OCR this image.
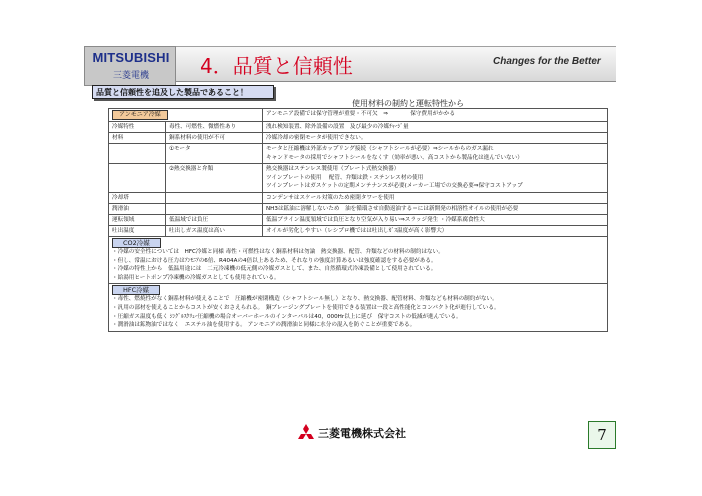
MITSUBISHI
三菱電機	4．品質と信頼性	Changes for the Better
品質と信頼性を追及した製品であること！
使用材料の制約と運転特性から
アンモニア冷媒		アンモニア設備では保守管理が重要・不可欠　⇒　　　　保守費用がかかる
冷媒特性	毒性、可燃性、微燃性あり	洩れ検知装置、除外設備の設置　及び最少の冷媒ﾁｬｰｼﾞ量
材料	銅系材料の使用が不可	冷媒冷却の密閉モータが使用できない。
	①モータ	モータと圧縮機は外部カップリング接続（シャフトシールが必要）⇒シールからのガス漏れ
キャンドモータの採用でシャフトシールをなくす（効率が悪い、高コストから製品化は進んでいない）

	②熱交換器と弁類	熱交換器はステンレス製使用（プレート式熱交換器）
ツインプレートの使用　 配管、弁類は鉄・ステンレス材の使用
ツインプレートはガスケットの定期メンテナンスが必要(メーカー工場での交換必要⇒保守コストアップ

冷却塔		コンデンサはスケール対策のため密閉タワーを使用
潤滑油		NH3は鉱油に溶解しないため　油を循環させ自動返油する＝には新開発の相溶性オイルの使用が必要
運転領域	低温域では負圧	低温ブライン温度領域では負圧となり空気が入り易い⇒スラッジ発生 ・冷媒系腐食性大
吐出温度	吐出しガス温度は高い	オイルが劣化しやすい（レシプロ機ではは吐出しｶﾞｽ温度が高く影響大）
CO2冷媒
・冷媒の安全性については　HFC冷媒と同様 毒性・可燃性はなく銅系材料は勿論　熱交換器、配管、弁類などの材料の制約はない。
・但し、常温における圧力はｱﾝﾓﾆｱの6倍、R404Aの4倍以上あるため、それなりの強度計算あるいは強度確認をする必要がある。
・冷媒の特性上から　低温用途には　二元冷凍機の低元側の冷媒ガスとして、また、自然循環式冷凍設備として使用されている。
・給湯用ヒートポンプ冷凍機の冷媒ガスとしても使用されている。		

HFC冷媒
・毒性、燃焼性がなく銅系材料が使えることで　圧縮機が密閉構造（シャフトシール無し）となり、熱交換器、配管材料、弁類なども材料の制約がない。
・汎用の部材を使えることからコストが安くおさえられる。　銅ブレージングプレートを使用できる装置は一段と高性能化とコンパクト化が進行している。
・圧縮ガス温度も低く ｼﾝｸﾞﾙｽｸﾘｭｰ圧縮機の場合オーバーホールのインターバルは40，000Hr以上に延び　保守コストの低減が進んでいる。
・潤滑油は鉱物油ではなく　エステル油を使用する。 アンモニアの潤滑油と同様に水分の混入を防ぐことが重要である。		
三菱電機株式会社	7
